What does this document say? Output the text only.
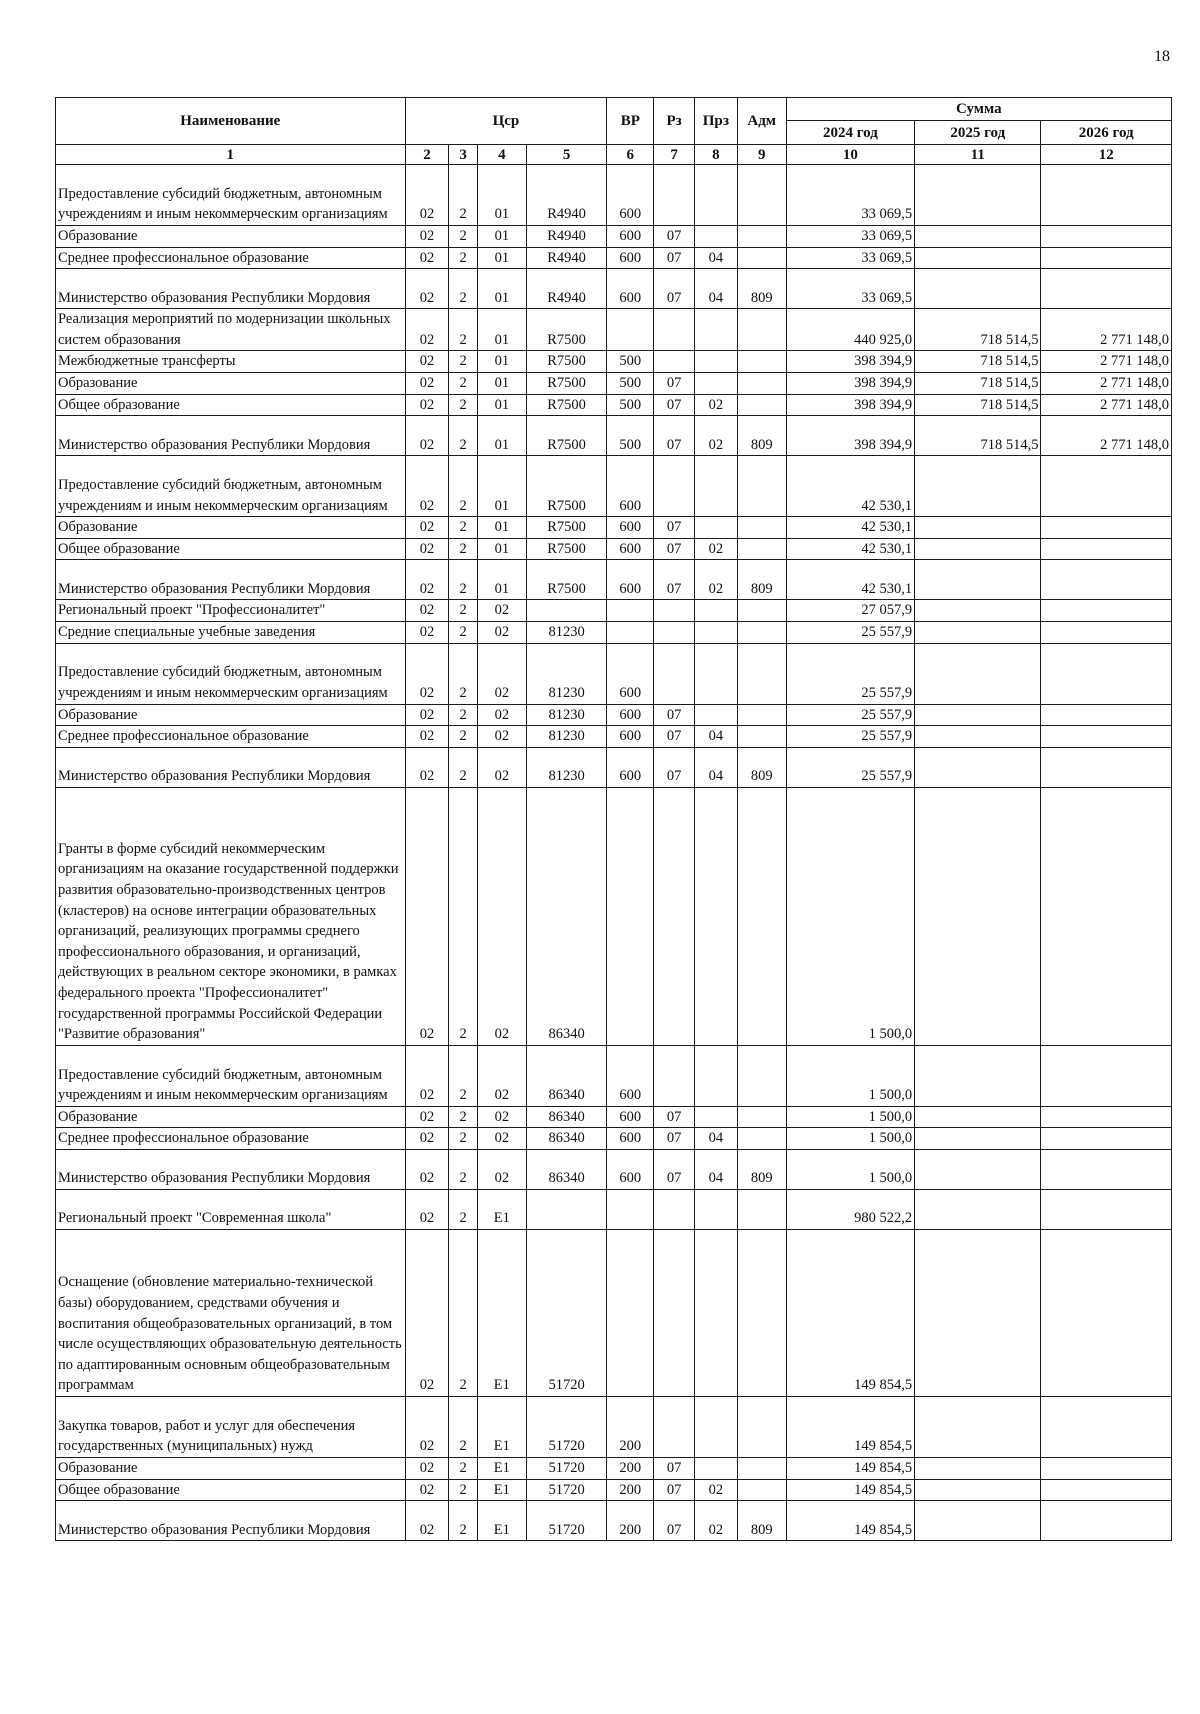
18
Наименование	Цср				ВР	Рз	Прз	Адм	Сумма		
									2024 год	2025 год	2026 год
1	2	3	4	5	6	7	8	9	10	11	12
Предоставление субсидий бюджетным, автономным учреждениям и иным некоммерческим организациям	02	2	01	R4940	600				33 069,5		
Образование	02	2	01	R4940	600	07			33 069,5		
Среднее профессиональное образование	02	2	01	R4940	600	07	04		33 069,5		
Министерство образования Республики Мордовия	02	2	01	R4940	600	07	04	809	33 069,5		
Реализация мероприятий по модернизации школьных систем образования	02	2	01	R7500					440 925,0	718 514,5	2 771 148,0
Межбюджетные трансферты	02	2	01	R7500	500				398 394,9	718 514,5	2 771 148,0
Образование	02	2	01	R7500	500	07			398 394,9	718 514,5	2 771 148,0
Общее образование	02	2	01	R7500	500	07	02		398 394,9	718 514,5	2 771 148,0
Министерство образования Республики Мордовия	02	2	01	R7500	500	07	02	809	398 394,9	718 514,5	2 771 148,0
Предоставление субсидий бюджетным, автономным учреждениям и иным некоммерческим организациям	02	2	01	R7500	600				42 530,1		
Образование	02	2	01	R7500	600	07			42 530,1		
Общее образование	02	2	01	R7500	600	07	02		42 530,1		
Министерство образования Республики Мордовия	02	2	01	R7500	600	07	02	809	42 530,1		
Региональный проект "Профессионалитет"	02	2	02						27 057,9		
Средние специальные учебные заведения	02	2	02	81230					25 557,9		
Предоставление субсидий бюджетным, автономным учреждениям и иным некоммерческим организациям	02	2	02	81230	600				25 557,9		
Образование	02	2	02	81230	600	07			25 557,9		
Среднее профессиональное образование	02	2	02	81230	600	07	04		25 557,9		
Министерство образования Республики Мордовия	02	2	02	81230	600	07	04	809	25 557,9		
Гранты в форме субсидий некоммерческим организациям на оказание государственной поддержки развития образовательно-производственных центров (кластеров) на основе интеграции образовательных организаций, реализующих программы среднего профессионального образования, и организаций, действующих в реальном секторе экономики, в рамках федерального проекта "Профессионалитет" государственной программы Российской Федерации "Развитие образования"	02	2	02	86340					1 500,0		
Предоставление субсидий бюджетным, автономным учреждениям и иным некоммерческим организациям	02	2	02	86340	600				1 500,0		
Образование	02	2	02	86340	600	07			1 500,0		
Среднее профессиональное образование	02	2	02	86340	600	07	04		1 500,0		
Министерство образования Республики Мордовия	02	2	02	86340	600	07	04	809	1 500,0		
Региональный проект "Современная школа"	02	2	E1						980 522,2		
Оснащение (обновление материально-технической базы) оборудованием, средствами обучения и воспитания общеобразовательных организаций, в том числе осуществляющих образовательную деятельность по адаптированным основным общеобразовательным программам	02	2	E1	51720					149 854,5		
Закупка товаров, работ и услуг для обеспечения государственных (муниципальных) нужд	02	2	E1	51720	200				149 854,5		
Образование	02	2	E1	51720	200	07			149 854,5		
Общее образование	02	2	E1	51720	200	07	02		149 854,5		
Министерство образования Республики Мордовия	02	2	E1	51720	200	07	02	809	149 854,5		
